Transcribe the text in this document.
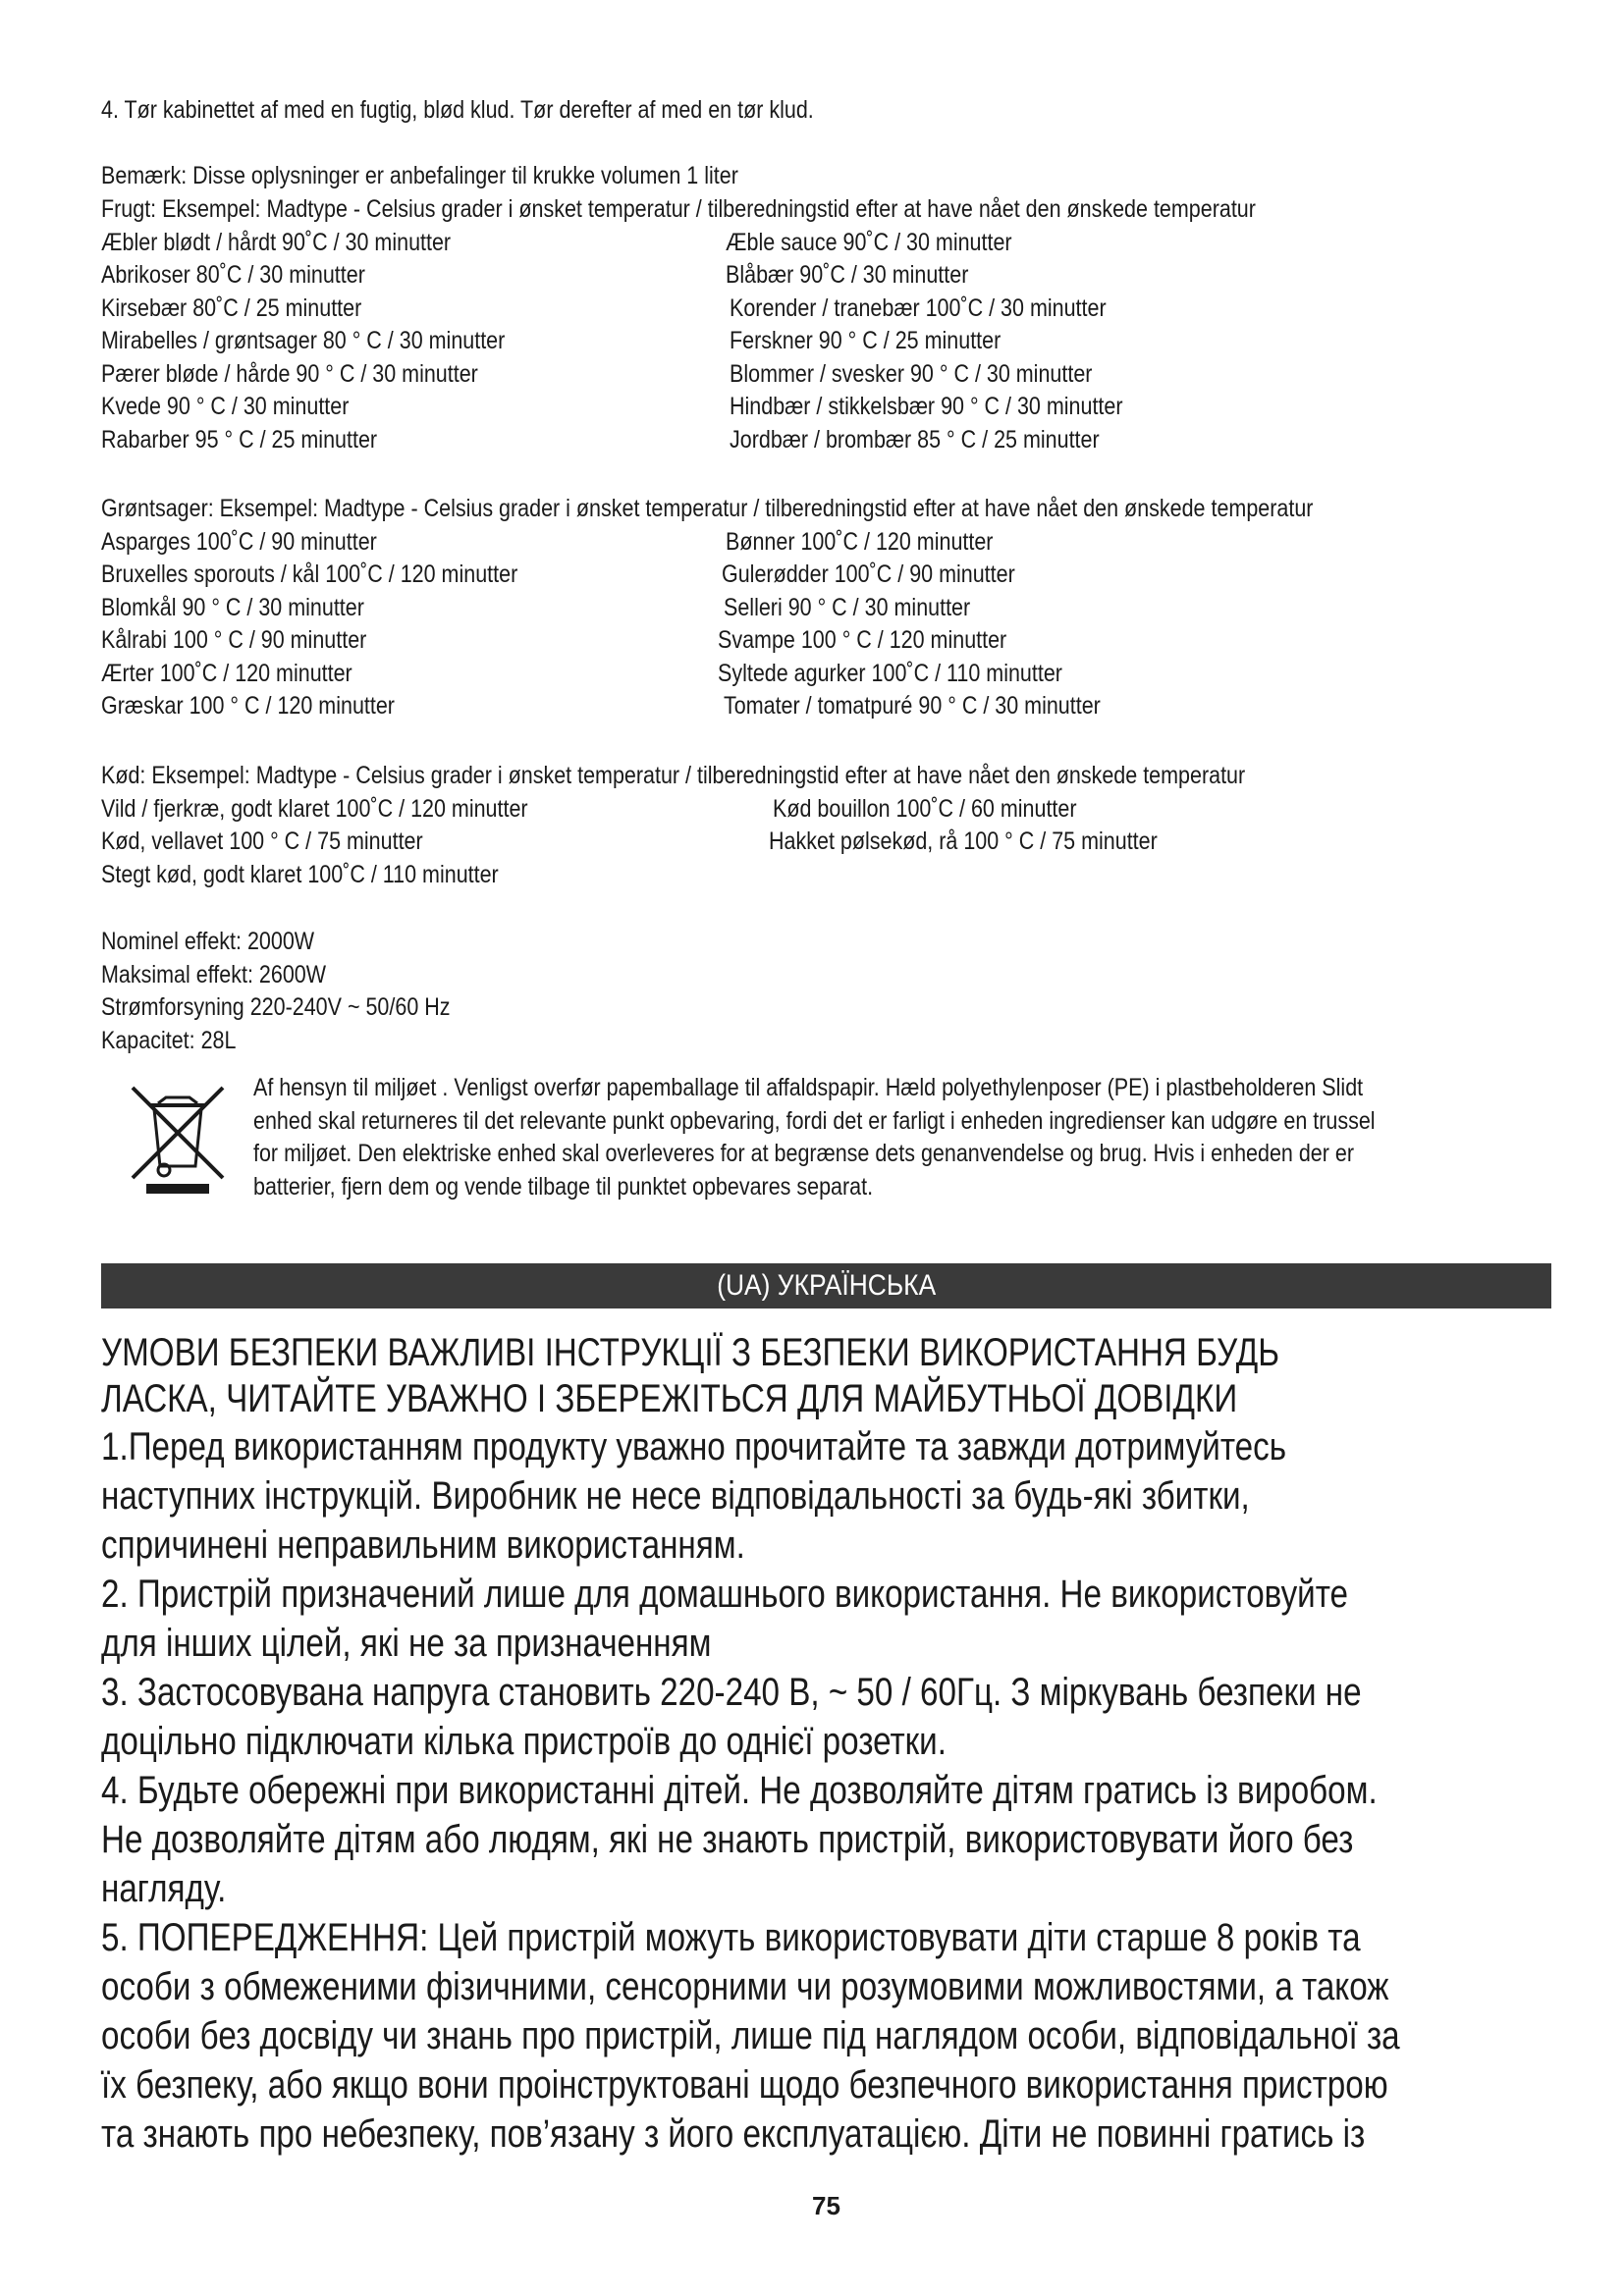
4. Tør kabinettet af med en fugtig, blød klud. Tør derefter af med en tør klud.
Bemærk: Disse oplysninger er anbefalinger til krukke volumen 1 liter
Frugt: Eksempel: Madtype - Celsius grader i ønsket temperatur / tilberedningstid efter at have nået den ønskede temperatur
Æbler blødt / hårdt 90˚C / 30 minutter	Æble sauce 90˚C / 30 minutter
Abrikoser 80˚C / 30 minutter	Blåbær 90˚C / 30 minutter
Kirsebær 80˚C / 25 minutter	Korender / tranebær 100˚C / 30 minutter
Mirabelles / grøntsager 80 ° C / 30 minutter	Ferskner 90 ° C / 25 minutter
Pærer bløde / hårde 90 ° C / 30 minutter	Blommer / svesker 90 ° C / 30 minutter
Kvede 90 ° C / 30 minutter	Hindbær / stikkelsbær 90 ° C / 30 minutter
Rabarber 95 ° C / 25 minutter	Jordbær / brombær 85 ° C / 25 minutter
Grøntsager: Eksempel: Madtype - Celsius grader i ønsket temperatur / tilberedningstid efter at have nået den ønskede temperatur
Asparges 100˚C / 90 minutter	Bønner 100˚C / 120 minutter
Bruxelles sporouts / kål 100˚C / 120 minutter	Gulerødder 100˚C / 90 minutter
Blomkål 90 ° C / 30 minutter	Selleri 90 ° C / 30 minutter
Kålrabi 100 ° C / 90 minutter	Svampe 100 ° C / 120 minutter
Ærter 100˚C / 120 minutter	Syltede agurker 100˚C / 110 minutter
Græskar 100 ° C / 120 minutter	Tomater / tomatpuré 90 ° C / 30 minutter
Kød: Eksempel: Madtype - Celsius grader i ønsket temperatur / tilberedningstid efter at have nået den ønskede temperatur
Vild / fjerkræ, godt klaret 100˚C / 120 minutter	Kød bouillon 100˚C / 60 minutter
Kød, vellavet 100 ° C / 75 minutter	Hakket pølsekød, rå 100 ° C / 75 minutter
Stegt kød, godt klaret 100˚C / 110 minutter
Nominel effekt: 2000W
Maksimal effekt: 2600W
Strømforsyning 220-240V ~ 50/60 Hz
Kapacitet: 28L
Af hensyn til miljøet . Venligst overfør papemballage til affaldspapir. Hæld polyethylenposer (PE) i plastbeholderen Slidt
enhed skal returneres til det relevante punkt opbevaring, fordi det er farligt i enheden ingredienser kan udgøre en trussel
for miljøet. Den elektriske enhed skal overleveres for at begrænse dets genanvendelse og brug. Hvis i enheden der er
batterier, fjern dem og vende tilbage til punktet opbevares separat.
(UA) УКРАЇНСЬКА
УМОВИ БЕЗПЕКИ ВАЖЛИВІ ІНСТРУКЦІЇ З БЕЗПЕКИ ВИКОРИСТАННЯ БУДЬ
ЛАСКА, ЧИТАЙТЕ УВАЖНО І ЗБЕРЕЖІТЬСЯ ДЛЯ МАЙБУТНЬОЇ ДОВІДКИ
1.Перед використанням продукту уважно прочитайте та завжди дотримуйтесь
наступних інструкцій. Виробник не несе відповідальності за будь-які збитки,
спричинені неправильним використанням.
2. Пристрій призначений лише для домашнього використання. Не використовуйте
для інших цілей, які не за призначенням
3. Застосовувана напруга становить 220-240 В, ~ 50 / 60Гц. З міркувань безпеки не
доцільно підключати кілька пристроїв до однієї розетки.
4. Будьте обережні при використанні дітей. Не дозволяйте дітям гратись із виробом.
Не дозволяйте дітям або людям, які не знають пристрій, використовувати його без
нагляду.
5. ПОПЕРЕДЖЕННЯ: Цей пристрій можуть використовувати діти старше 8 років та
особи з обмеженими фізичними, сенсорними чи розумовими можливостями, а також
особи без досвіду чи знань про пристрій, лише під наглядом особи, відповідальної за
їх безпеку, або якщо вони проінструктовані щодо безпечного використання пристрою
та знають про небезпеку, пов’язану з його експлуатацією. Діти не повинні гратись із
75
